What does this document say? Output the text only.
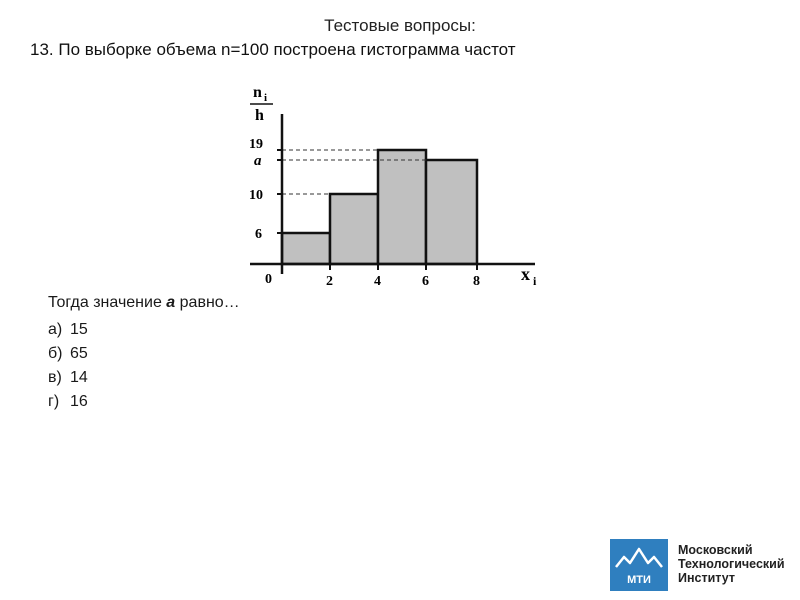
Тестовые вопросы:
13. По выборке объема n=100 построена гистограмма частот
6
10
19
a
0	2	4	6	8 x i
n i
h
Тогда значение a равно…
а) 15
б) 65
в) 14
г) 16
МТИ
Московский
Технологический
Институт
